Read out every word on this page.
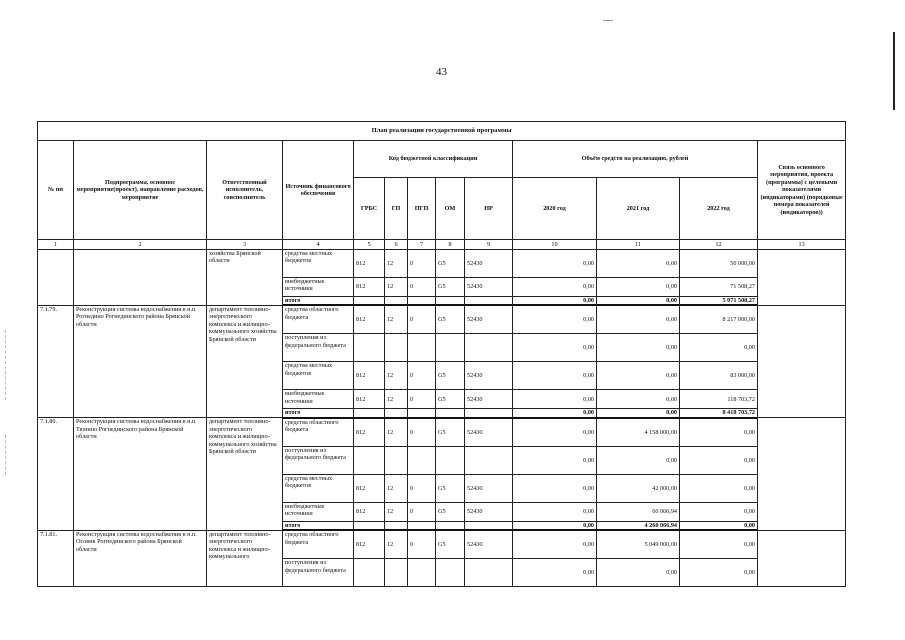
43
План реализации государственной программы												
№ пп	Подпрограмма, основное мероприятие(проект), направление расходов, мероприятие	Ответственный исполнитель, соисполнитель	Источник финансового обеспечения	Код бюджетной классификации					Объём средств на реализацию, рублей			Связь основного мероприятия, проекта (программы) с целевыми показателями (индикаторами) (порядковые номера показателей (индикаторов))
				ГРБС	ГП	ПГП	ОМ	НР	2020 год	2021 год	2022 год	
1	2	3	4	5	6	7	8	9	10	11	12	13
		хозяйства Брянской области	средства местных бюджетов	812	12	0	G5	52430	0,00	0,00	50 000,00	
			внебюджетные источники	812	12	0	G5	52430	0,00	0,00	71 508,27	
			итого						0,00	0,00	5 071 508,27	
7.1.79.	Реконструкция системы водоснабжения в н.п. Рогнедино Рогнединского района Брянской области	департамент топливно-энергетического комплекса и жилищно-коммунального хозяйства Брянской области	средства областного бюджета	812	12	0	G5	52430	0,00	0,00	8 217 000,00	
			поступления из федерального бюджета						0,00	0,00	0,00	
			средства местных бюджетов	812	12	0	G5	52430	0,00	0,00	83 000,00	
			внебюджетные источники	812	12	0	G5	52430	0,00	0,00	118 703,72	
			итого						0,00	0,00	8 418 703,72	
7.1.80.	Реконструкция системы водоснабжения в н.п. Тюнино Рогнединского района Брянской области	департамент топливно-энергетического комплекса и жилищно-коммунального хозяйства Брянской области	средства областного бюджета	812	12	0	G5	52430	0,00	4 158 000,00	0,00	
			поступления из федерального бюджета						0,00	0,00	0,00	
			средства местных бюджетов	812	12	0	G5	52430	0,00	42 000,00	0,00	
			внебюджетные источники	812	12	0	G5	52430	0,00	60 066,94	0,00	
			итого						0,00	4 260 066,94	0,00	
7.1.81.	Реконструкция системы водоснабжения в н.п. Осовик Рогнединского района Брянской области	департамент топливно-энергетического комплекса и жилищно-коммунального	средства областного бюджета	812	12	0	G5	52430	0,00	5 049 000,00	0,00	
			поступления из федерального бюджета						0,00	0,00	0,00	
